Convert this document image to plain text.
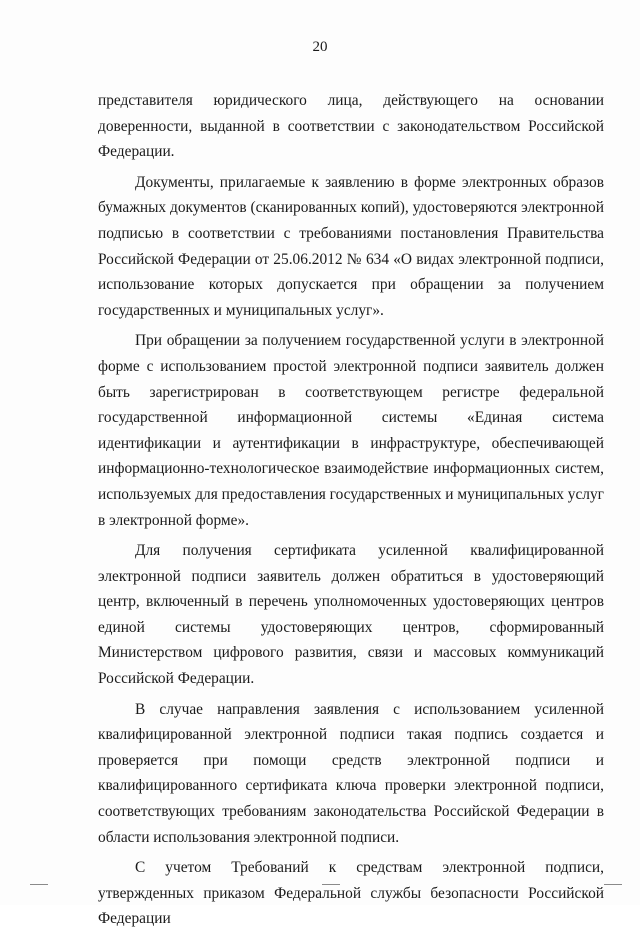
20

представителя юридического лица, действующего на основании доверенности, выданной в соответствии с законодательством Российской Федерации.

Документы, прилагаемые к заявлению в форме электронных образов бумажных документов (сканированных копий), удостоверяются электронной подписью в соответствии с требованиями постановления Правительства Российской Федерации от 25.06.2012 № 634 «О видах электронной подписи, использование которых допускается при обращении за получением государственных и муниципальных услуг».

При обращении за получением государственной услуги в электронной форме с использованием простой электронной подписи заявитель должен быть зарегистрирован в соответствующем регистре федеральной государственной информационной системы «Единая система идентификации и аутентификации в инфраструктуре, обеспечивающей информационно-технологическое взаимодействие информационных систем, используемых для предоставления государственных и муниципальных услуг в электронной форме».

Для получения сертификата усиленной квалифицированной электронной подписи заявитель должен обратиться в удостоверяющий центр, включенный в перечень уполномоченных удостоверяющих центров единой системы удостоверяющих центров, сформированный Министерством цифрового развития, связи и массовых коммуникаций Российской Федерации.

В случае направления заявления с использованием усиленной квалифицированной электронной подписи такая подпись создается и проверяется при помощи средств электронной подписи и квалифицированного сертификата ключа проверки электронной подписи, соответствующих требованиям законодательства Российской Федерации в области использования электронной подписи.

С учетом Требований к средствам электронной подписи, утвержденных приказом Федеральной службы безопасности Российской Федерации
